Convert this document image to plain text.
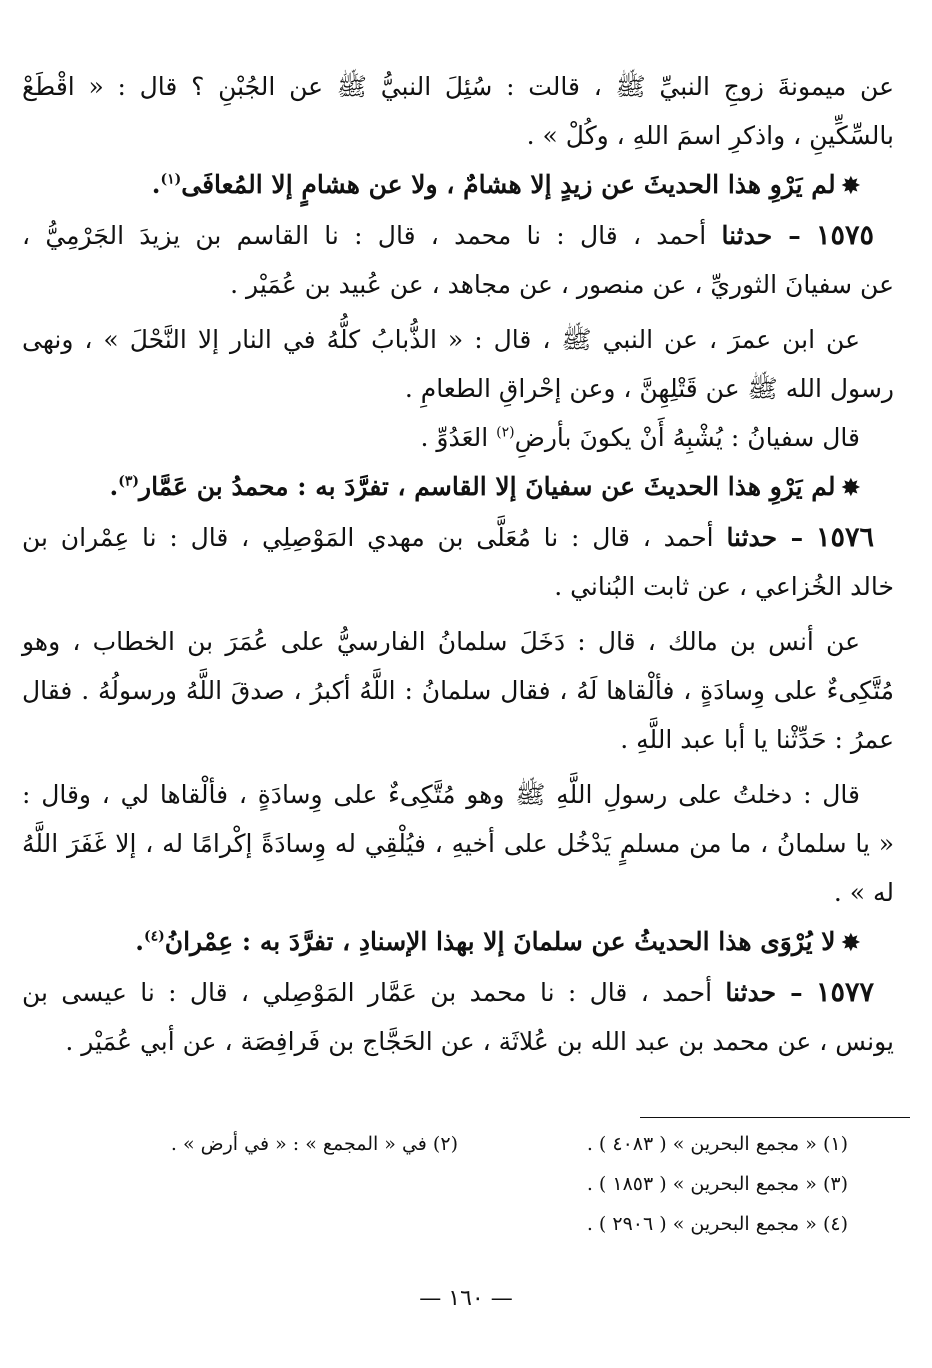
عن ميمونةَ زوجِ النبيِّ ﷺ ، قالت : سُئِلَ النبيُّ ﷺ عن الجُبْنِ ؟ قال : « اقْطَعْ

بالسِّكِّينِ ، واذكرِ اسمَ اللهِ ، وكُلْ » .

✸لم يَرْوِ هذا الحديثَ عن زيدٍ إلا هشامٌ ، ولا عن هشامٍ إلا المُعافَى$^{(١)}$.

١٥٧٥ – حدثنا أحمد ، قال : نا محمد ، قال : نا القاسم بن يزيدَ الجَرْمِيُّ ،

عن سفيانَ الثوريِّ ، عن منصور ، عن مجاهد ، عن عُبيد بن عُمَيْر .

عن ابن عمرَ ، عن النبي ﷺ ، قال : « الذُّبابُ كلُّهُ في النار إلا النَّحْلَ » ، ونهى

رسول الله ﷺ عن قَتْلِهِنَّ ، وعن إحْراقِ الطعامِ .

قال سفيانُ : يُشْبِهُ أَنْ يكونَ بأرضِ$^{(٢)}$ العَدُوِّ .

✸لم يَرْوِ هذا الحديثَ عن سفيانَ إلا القاسم ، تفرَّدَ به : محمدُ بن عَمَّار$^{(٣)}$.

١٥٧٦ – حدثنا أحمد ، قال : نا مُعَلَّى بن مهدي المَوْصِلِي ، قال : نا عِمْران بن

خالد الخُزاعي ، عن ثابت البُناني .

عن أنس بن مالك ، قال : دَخَلَ سلمانُ الفارسيُّ على عُمَرَ بن الخطاب ، وهو

مُتَّكِىءٌ على وِسادَةٍ ، فألْقاها لَهُ ، فقال سلمانُ : اللَّهُ أكبرُ ، صدقَ اللَّهُ ورسولُهُ . فقال

عمرُ : حَدِّثْنا يا أبا عبد اللَّهِ .

قال : دخلتُ على رسولِ اللَّهِ ﷺ وهو مُتَّكِىءٌ على وِسادَةٍ ، فألْقاها لي ، وقال :

« يا سلمانُ ، ما من مسلمٍ يَدْخُل على أخيهِ ، فيُلْقِي له وِسادَةً إكْرامًا له ، إلا غَفَرَ اللَّهُ

له » .

✸لا يُرْوَى هذا الحديثُ عن سلمانَ إلا بهذا الإسنادِ ، تفرَّدَ به : عِمْرانُ$^{(٤)}$.

١٥٧٧ – حدثنا أحمد ، قال : نا محمد بن عَمَّار المَوْصِلي ، قال : نا عيسى بن

يونس ، عن محمد بن عبد الله بن عُلاثَة ، عن الحَجَّاج بن فَرافِصَة ، عن أبي عُمَيْر .

(١) « مجمع البحرين » ( ٤٠٨٣ ) .(٢) في « المجمع » : « في أرض » .
(٣) « مجمع البحرين » ( ١٨٥٣ ) .
(٤) « مجمع البحرين » ( ٢٩٠٦ ) .
— ١٦٠ —
